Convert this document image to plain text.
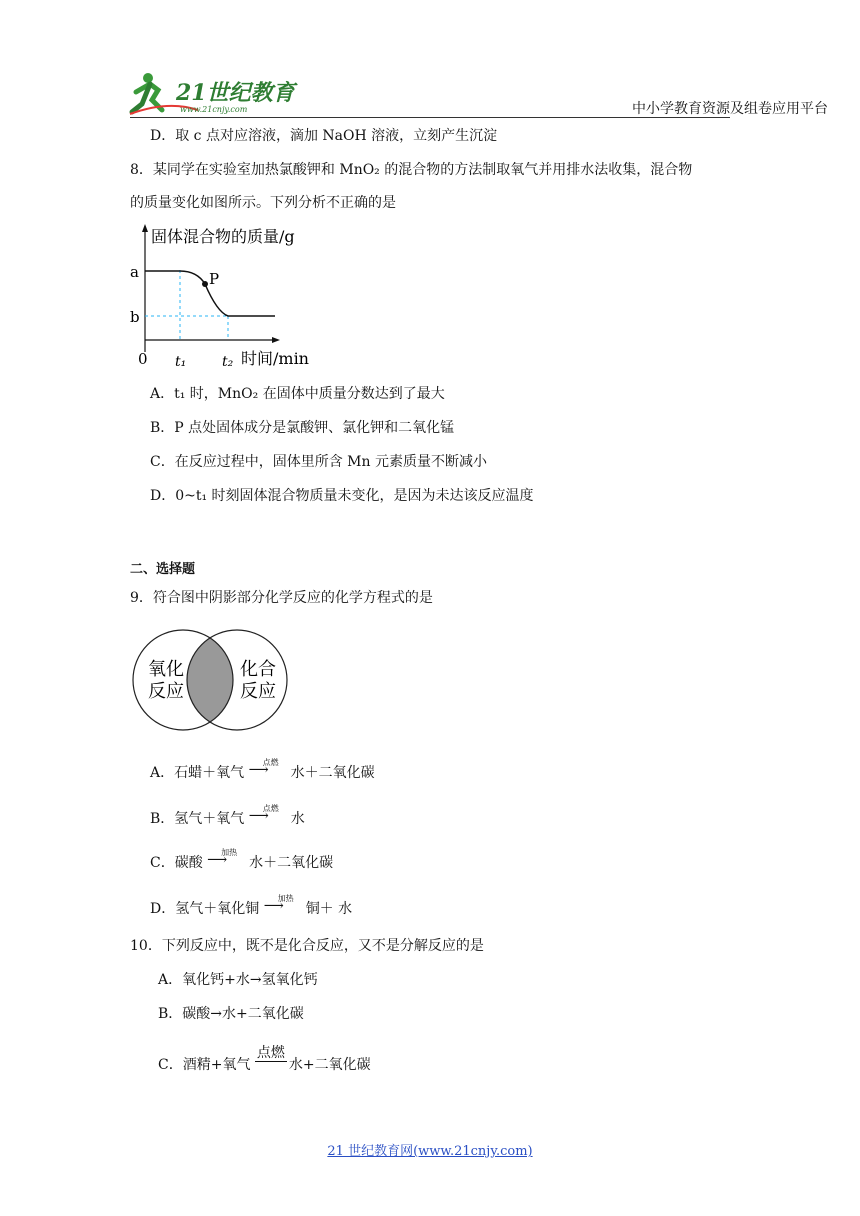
21世纪教育
www.21cnjy.com	中小学教育资源及组卷应用平台
D．取 c 点对应溶液，滴加 NaOH 溶液，立刻产生沉淀
8．某同学在实验室加热氯酸钾和 MnO₂ 的混合物的方法制取氧气并用排水法收集，混合物
的质量变化如图所示。下列分析不正确的是
固体混合物的质量/g
a
b
P
0 t₁	t₂ 时间/min
A．t₁ 时，MnO₂ 在固体中质量分数达到了最大
B．P 点处固体成分是氯酸钾、氯化钾和二氧化锰
C．在反应过程中，固体里所含 Mn 元素质量不断减小
D．0~t₁ 时刻固体混合物质量未变化，是因为未达该反应温度
二、选择题
9．符合图中阴影部分化学反应的化学方程式的是
氧化
反应
化合
反应
A．石蜡＋氧气
点燃
⟶ 水＋二氧化碳
B．氢气＋氧气
点燃
⟶ 水
C．碳酸
加热
⟶ 水＋二氧化碳
D．氢气＋氧化铜
加热
⟶ 铜＋ 水
10．下列反应中，既不是化合反应，又不是分解反应的是
A．氧化钙+水→氢氧化钙
B．碳酸→水+二氧化碳
C．酒精+氧气
点燃
水+二氧化碳
21 世纪教育网(www.21cnjy.com)
